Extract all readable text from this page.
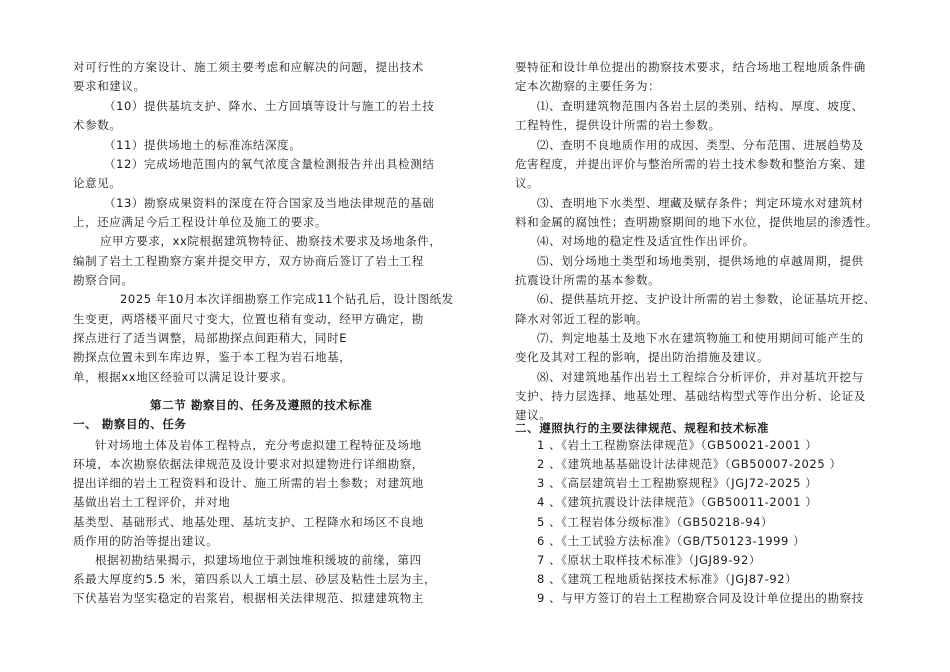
对可行性的方案设计、施工须主要考虑和应解决的问题，提出技术
要求和建议。
（10）提供基坑支护、降水、土方回填等设计与施工的岩土技
术参数。
（11）提供场地土的标准冻结深度。
（12）完成场地范围内的氧气浓度含量检测报告并出具检测结
论意见。
（13）勘察成果资料的深度在符合国家及当地法律规范的基础
上，还应满足今后工程设计单位及施工的要求。
应甲方要求，xx院根据建筑物特征、勘察技术要求及场地条件，
编制了岩土工程勘察方案并提交甲方，双方协商后签订了岩土工程
勘察合同。
2025 年10月本次详细勘察工作完成11个钻孔后，设计图纸发
生变更，两塔楼平面尺寸变大，位置也稍有变动，经甲方确定，勘
探点进行了适当调整，局部勘探点间距稍大，同时E
勘探点位置未到车库边界，鉴于本工程为岩石地基，
单，根据xx地区经验可以满足设计要求。
第二节 勘察目的、任务及遵照的技术标准
一、 勘察目的、任务
针对场地土体及岩体工程特点，充分考虑拟建工程特征及场地
环境，本次勘察依据法律规范及设计要求对拟建物进行详细勘察，
提出详细的岩土工程资料和设计、施工所需的岩土参数；对建筑地
基做出岩土工程评价，并对地
基类型、基础形式、地基处理、基坑支护、工程降水和场区不良地
质作用的防治等提出建议。
根据初勘结果揭示，拟建场地位于剥蚀堆积缓坡的前缘，第四
系最大厚度约5.5 米，第四系以人工填土层、砂层及粘性土层为主，
下伏基岩为坚实稳定的岩浆岩，根据相关法律规范、拟建建筑物主
要特征和设计单位提出的勘察技术要求，结合场地工程地质条件确
定本次勘察的主要任务为：
⑴、查明建筑物范围内各岩土层的类别、结构、厚度、坡度、
工程特性，提供设计所需的岩土参数。
⑵、查明不良地质作用的成因、类型、分布范围、进展趋势及
危害程度，并提出评价与整治所需的岩土技术参数和整治方案、建
议。
⑶、查明地下水类型、埋藏及赋存条件；判定环境水对建筑材
料和金属的腐蚀性；查明勘察期间的地下水位，提供地层的渗透性。
⑷、对场地的稳定性及适宜性作出评价。
⑸、划分场地土类型和场地类别，提供场地的卓越周期，提供
抗震设计所需的基本参数。
⑹、提供基坑开挖、支护设计所需的岩土参数，论证基坑开挖、
降水对邻近工程的影响。
⑺、判定地基土及地下水在建筑物施工和使用期间可能产生的
变化及其对工程的影响，提出防治措施及建议。
⑻、对建筑地基作出岩土工程综合分析评价，并对基坑开挖与
支护、持力层选择、地基处理、基础结构型式等作出分析、论证及
建议。
二、遵照执行的主要法律规范、规程和技术标准
1 、《岩土工程勘察法律规范》（GB50021-2001 ）
2 、《建筑地基基础设计法律规范》（GB50007-2025 ）
3 、《高层建筑岩土工程勘察规程》（JGJ72-2025 ）
4 、《建筑抗震设计法律规范》（GB50011-2001 ）
5 、《工程岩体分级标准》（GB50218-94）
6 、《土工试验方法标准》（GB/T50123-1999 ）
7 、《原状土取样技术标准》（JGJ89-92）
8 、《建筑工程地质钻探技术标准》（JGJ87-92）
9 、与甲方签订的岩土工程勘察合同及设计单位提出的勘察技
